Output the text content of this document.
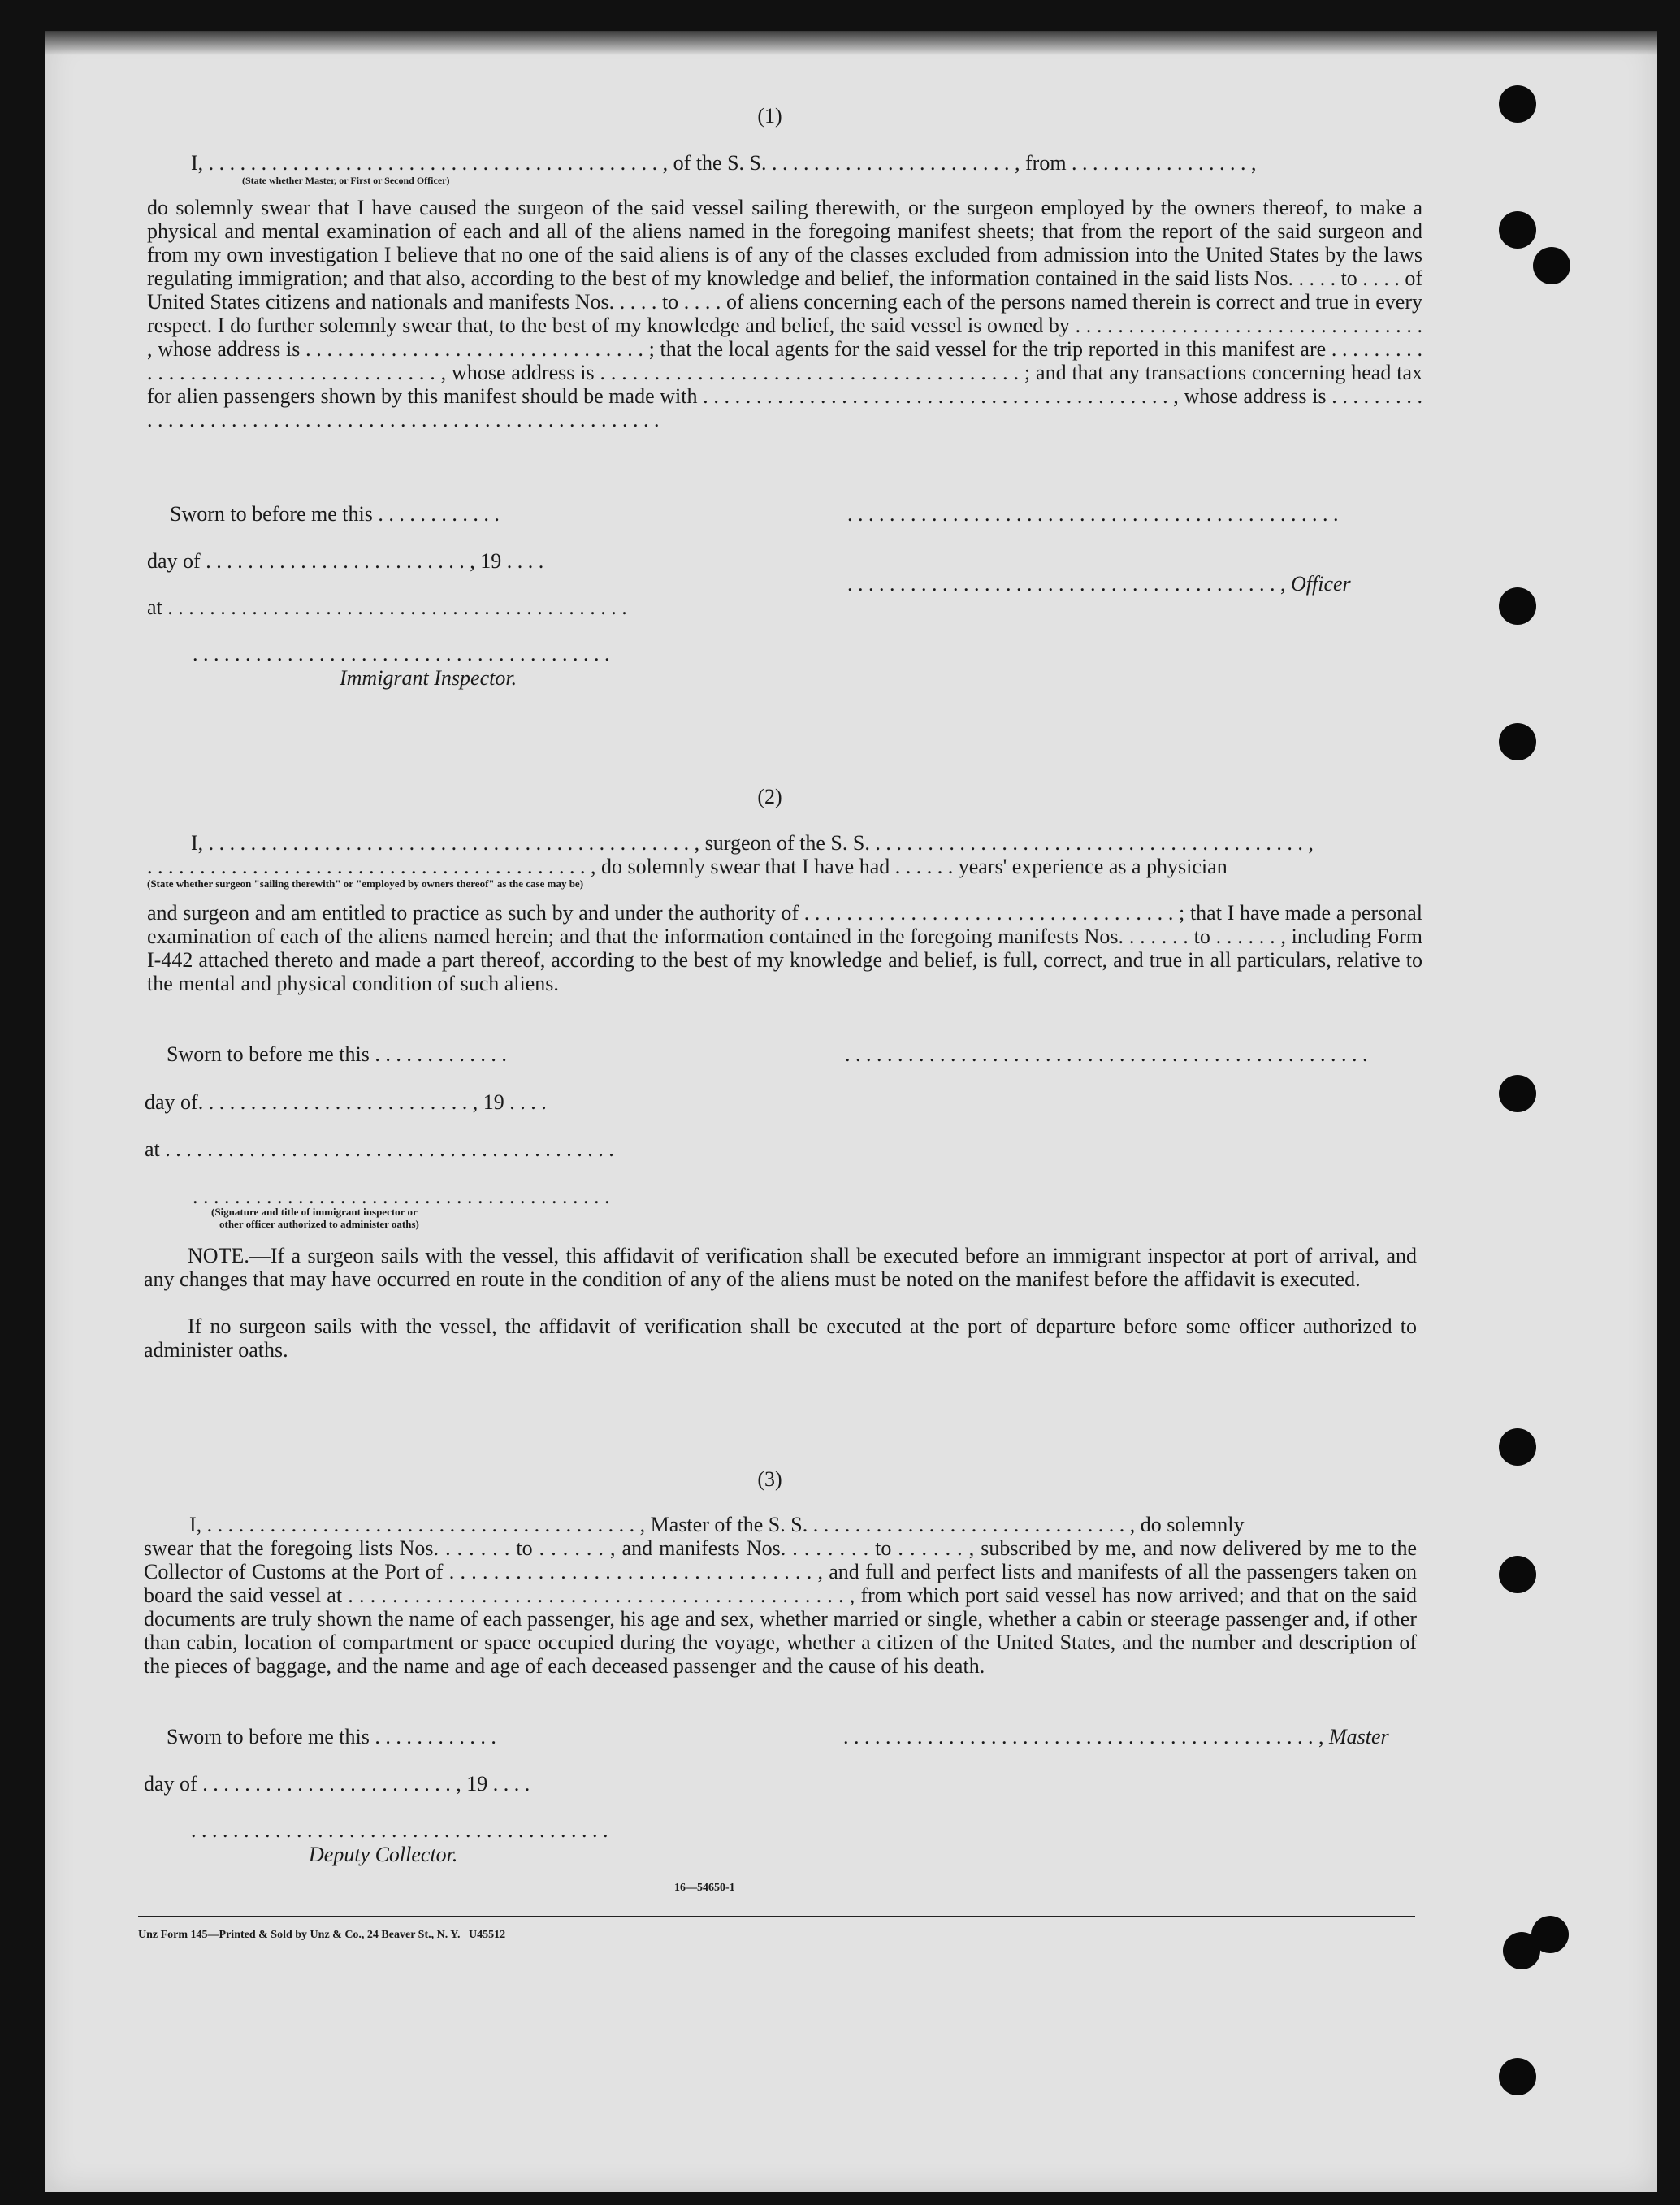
(1)
I, . . . . . . . . . . . . . . . . . . . . . . . . . . . . . . . . . . . . . . . . . . . , of the S. S. . . . . . . . . . . . . . . . . . . . . . . . , from . . . . . . . . . . . . . . . . . ,
(State whether Master, or First or Second Officer)
do solemnly swear that I have caused the surgeon of the said vessel sailing therewith, or the surgeon employed by the owners thereof, to make a physical and mental examination of each and all of the aliens named in the foregoing manifest sheets; that from the report of the said surgeon and from my own investigation I believe that no one of the said aliens is of any of the classes excluded from admission into the United States by the laws regulating immigration; and that also, according to the best of my knowledge and belief, the information contained in the said lists Nos. . . . . to . . . . of United States citizens and nationals and manifests Nos. . . . . to . . . . of aliens concerning each of the persons named therein is correct and true in every respect. I do further solemnly swear that, to the best of my knowledge and belief, the said vessel is owned by . . . . . . . . . . . . . . . . . . . . . . . . . . . . . . . . . , whose address is . . . . . . . . . . . . . . . . . . . . . . . . . . . . . . . . ; that the local agents for the said vessel for the trip reported in this manifest are . . . . . . . . . . . . . . . . . . . . . . . . . . . . . . . . . . . . , whose address is . . . . . . . . . . . . . . . . . . . . . . . . . . . . . . . . . . . . . . . ; and that any transactions concerning head tax for alien passengers shown by this manifest should be made with . . . . . . . . . . . . . . . . . . . . . . . . . . . . . . . . . . . . . . . . . . . . , whose address is . . . . . . . . . . . . . . . . . . . . . . . . . . . . . . . . . . . . . . . . . . . . . . . . . . . . . . . . . .
Sworn to before me this . . . . . . . . . . . .	. . . . . . . . . . . . . . . . . . . . . . . . . . . . . . . . . . . . . . . . . . . . . . .
day of . . . . . . . . . . . . . . . . . . . . . . . . . , 19 . . . .
. . . . . . . . . . . . . . . . . . . . . . . . . . . . . . . . . . . . . . . . . , Officer
at . . . . . . . . . . . . . . . . . . . . . . . . . . . . . . . . . . . . . . . . . . . .
. . . . . . . . . . . . . . . . . . . . . . . . . . . . . . . . . . . . . . . .
Immigrant Inspector.
(2)
I, . . . . . . . . . . . . . . . . . . . . . . . . . . . . . . . . . . . . . . . . . . . . . . , surgeon of the S. S. . . . . . . . . . . . . . . . . . . . . . . . . . . . . . . . . . . . . . . . . . ,
. . . . . . . . . . . . . . . . . . . . . . . . . . . . . . . . . . . . . . . . . . , do solemnly swear that I have had . . . . . . years' experience as a physician
(State whether surgeon "sailing therewith" or "employed by owners thereof" as the case may be)
and surgeon and am entitled to practice as such by and under the authority of . . . . . . . . . . . . . . . . . . . . . . . . . . . . . . . . . . . ; that I have made a personal examination of each of the aliens named herein; and that the information contained in the foregoing manifests Nos. . . . . . . to . . . . . . , including Form I-442 attached thereto and made a part thereof, according to the best of my knowledge and belief, is full, correct, and true in all particulars, relative to the mental and physical condition of such aliens.
Sworn to before me this . . . . . . . . . . . . .	. . . . . . . . . . . . . . . . . . . . . . . . . . . . . . . . . . . . . . . . . . . . . . . . . .
day of. . . . . . . . . . . . . . . . . . . . . . . . . . , 19 . . . .
at . . . . . . . . . . . . . . . . . . . . . . . . . . . . . . . . . . . . . . . . . . .
. . . . . . . . . . . . . . . . . . . . . . . . . . . . . . . . . . . . . . . .
(Signature and title of immigrant inspector or
other officer authorized to administer oaths)
NOTE.—If a surgeon sails with the vessel, this affidavit of verification shall be executed before an immigrant inspector at port of arrival, and any changes that may have occurred en route in the condition of any of the aliens must be noted on the manifest before the affidavit is executed.
If no surgeon sails with the vessel, the affidavit of verification shall be executed at the port of departure before some officer authorized to administer oaths.
(3)
I, . . . . . . . . . . . . . . . . . . . . . . . . . . . . . . . . . . . . . . . . . , Master of the S. S. . . . . . . . . . . . . . . . . . . . . . . . . . . . . . . , do solemnly
swear that the foregoing lists Nos. . . . . . . to . . . . . . , and manifests Nos. . . . . . . . to . . . . . . , subscribed by me, and now delivered by me to the Collector of Customs at the Port of . . . . . . . . . . . . . . . . . . . . . . . . . . . . . . . . . , and full and perfect lists and manifests of all the passengers taken on board the said vessel at . . . . . . . . . . . . . . . . . . . . . . . . . . . . . . . . . . . . . . . . . . . . . , from which port said vessel has now arrived; and that on the said documents are truly shown the name of each passenger, his age and sex, whether married or single, whether a cabin or steerage passenger and, if other than cabin, location of compartment or space occupied during the voyage, whether a citizen of the United States, and the number and description of the pieces of baggage, and the name and age of each deceased passenger and the cause of his death.
Sworn to before me this . . . . . . . . . . . .	. . . . . . . . . . . . . . . . . . . . . . . . . . . . . . . . . . . . . . . . . . . . . , Master
day of . . . . . . . . . . . . . . . . . . . . . . . . , 19 . . . .
. . . . . . . . . . . . . . . . . . . . . . . . . . . . . . . . . . . . . . . .
Deputy Collector.
16—54650-1
Unz Form 145—Printed & Sold by Unz & Co., 24 Beaver St., N. Y.   U45512
